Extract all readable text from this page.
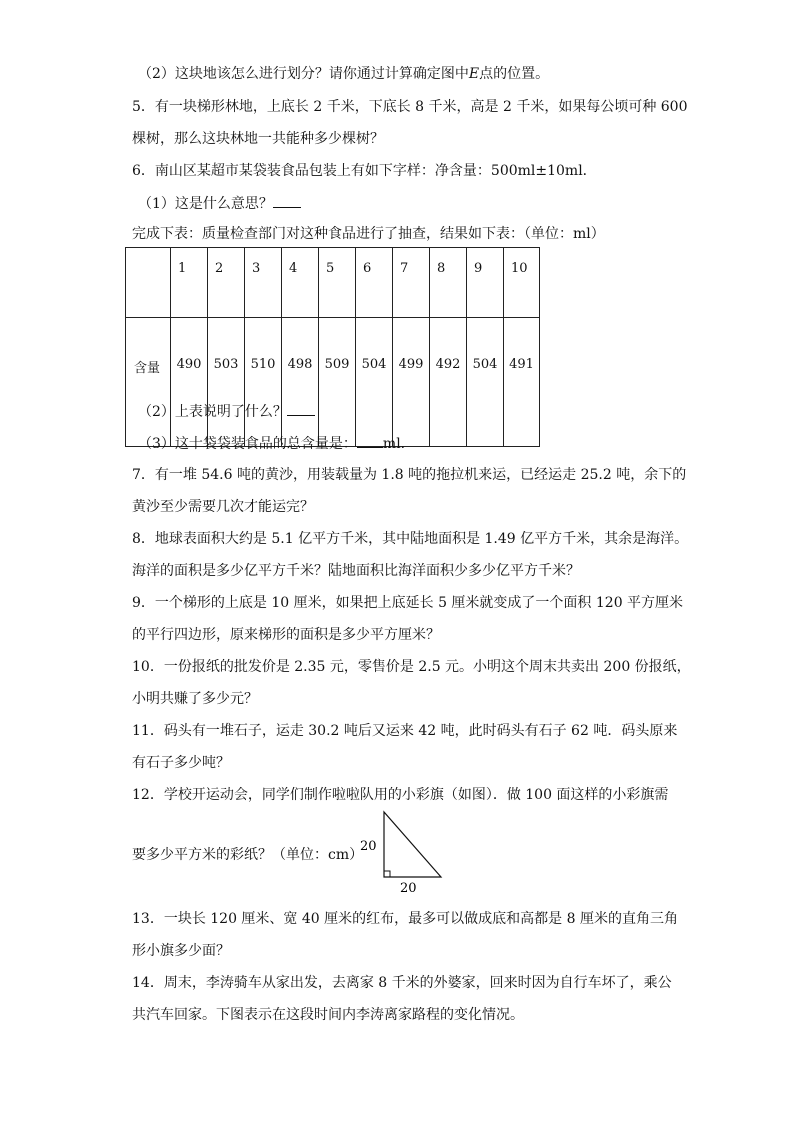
（2）这块地该怎么进行划分？请你通过计算确定图中E点的位置。
5．有一块梯形林地，上底长 2 千米，下底长 8 千米，高是 2 千米，如果每公顷可种 600
棵树，那么这块林地一共能种多少棵树？
6．南山区某超市某袋装食品包装上有如下字样：净含量：500ml±10ml．
（1）这是什么意思？
完成下表：质量检查部门对这种食品进行了抽查，结果如下表：（单位：ml）
	1	2	3	4	5	6	7	8	9	10
含量	490	503	510	498	509	504	499	492	504	491
（2）上表说明了什么？
（3）这十袋袋装食品的总含量是： ml．
7．有一堆 54.6 吨的黄沙，用装载量为 1.8 吨的拖拉机来运，已经运走 25.2 吨，余下的
黄沙至少需要几次才能运完？
8．地球表面积大约是 5.1 亿平方千米，其中陆地面积是 1.49 亿平方千米，其余是海洋。
海洋的面积是多少亿平方千米？陆地面积比海洋面积少多少亿平方千米？
9．一个梯形的上底是 10 厘米，如果把上底延长 5 厘米就变成了一个面积 120 平方厘米
的平行四边形，原来梯形的面积是多少平方厘米？
10．一份报纸的批发价是 2.35 元，零售价是 2.5 元。小明这个周末共卖出 200 份报纸，
小明共赚了多少元？
11．码头有一堆石子，运走 30.2 吨后又运来 42 吨，此时码头有石子 62 吨．码头原来
有石子多少吨？
12．学校开运动会，同学们制作啦啦队用的小彩旗（如图）．做 100 面这样的小彩旗需
要多少平方米的彩纸？（单位：cm）
20
20
13．一块长 120 厘米、宽 40 厘米的红布，最多可以做成底和高都是 8 厘米的直角三角
形小旗多少面？
14．周末，李涛骑车从家出发，去离家 8 千米的外婆家，回来时因为自行车坏了，乘公
共汽车回家。下图表示在这段时间内李涛离家路程的变化情况。
